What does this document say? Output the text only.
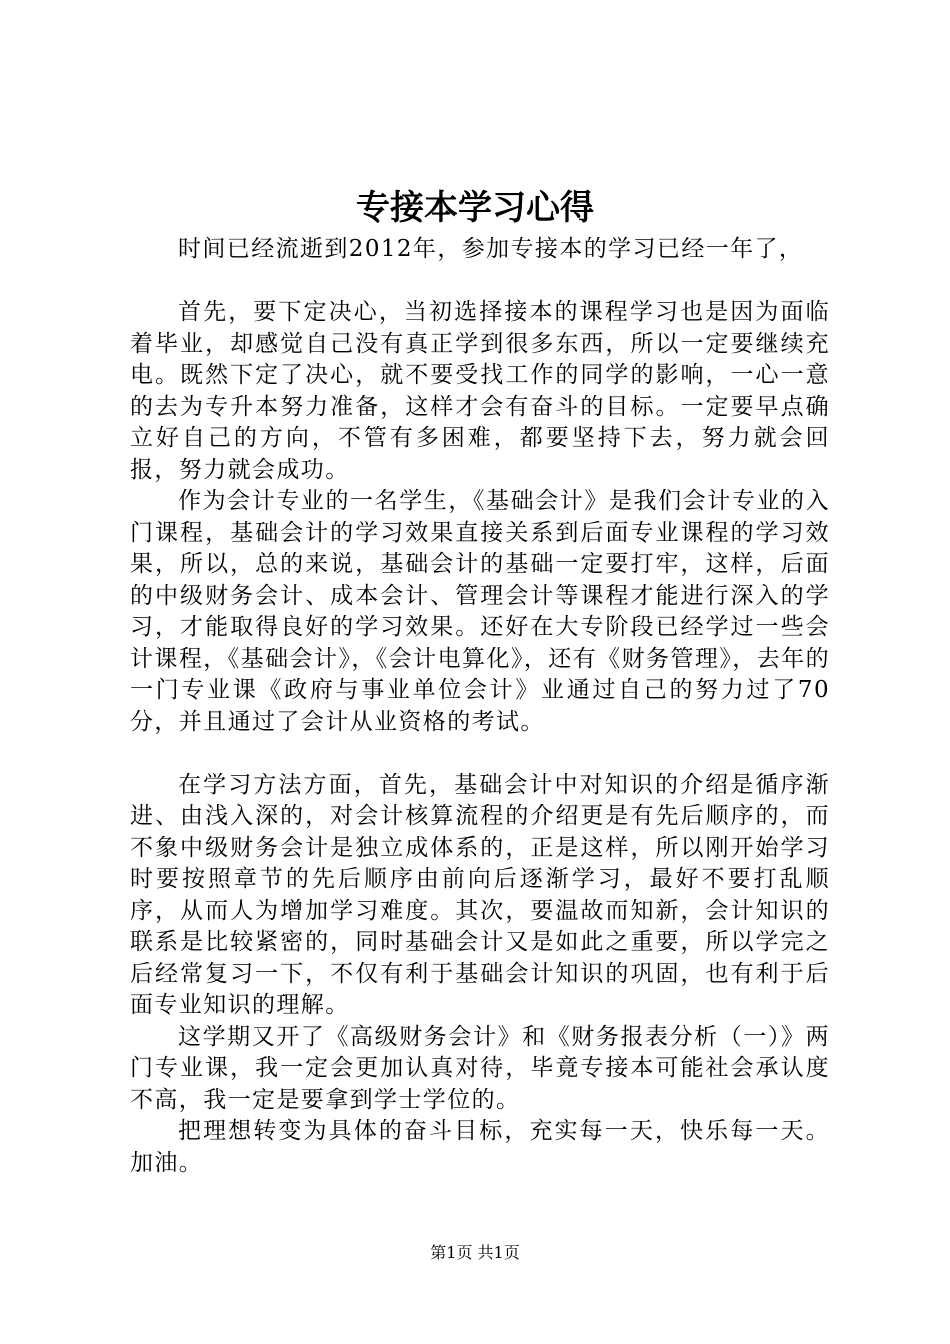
专接本学习心得

时间已经流逝到2012年，参加专接本的学习已经一年了，

首先，要下定决心，当初选择接本的课程学习也是因为面临着毕业，却感觉自己没有真正学到很多东西，所以一定要继续充电。既然下定了决心，就不要受找工作的同学的影响，一心一意的去为专升本努力准备，这样才会有奋斗的目标。一定要早点确立好自己的方向，不管有多困难，都要坚持下去，努力就会回报，努力就会成功。

作为会计专业的一名学生，《基础会计》是我们会计专业的入门课程，基础会计的学习效果直接关系到后面专业课程的学习效果，所以，总的来说，基础会计的基础一定要打牢，这样，后面的中级财务会计、成本会计、管理会计等课程才能进行深入的学习，才能取得良好的学习效果。还好在大专阶段已经学过一些会计课程，《基础会计》，《会计电算化》，还有《财务管理》，去年的一门专业课《政府与事业单位会计》业通过自己的努力过了70分，并且通过了会计从业资格的考试。

在学习方法方面，首先，基础会计中对知识的介绍是循序渐进、由浅入深的，对会计核算流程的介绍更是有先后顺序的，而不象中级财务会计是独立成体系的，正是这样，所以刚开始学习时要按照章节的先后顺序由前向后逐渐学习，最好不要打乱顺序，从而人为增加学习难度。其次，要温故而知新，会计知识的联系是比较紧密的，同时基础会计又是如此之重要，所以学完之后经常复习一下，不仅有利于基础会计知识的巩固，也有利于后面专业知识的理解。

这学期又开了《高级财务会计》和《财务报表分析（一）》两门专业课，我一定会更加认真对待，毕竟专接本可能社会承认度不高，我一定是要拿到学士学位的。

把理想转变为具体的奋斗目标，充实每一天，快乐每一天。加油。

第1页 共1页
